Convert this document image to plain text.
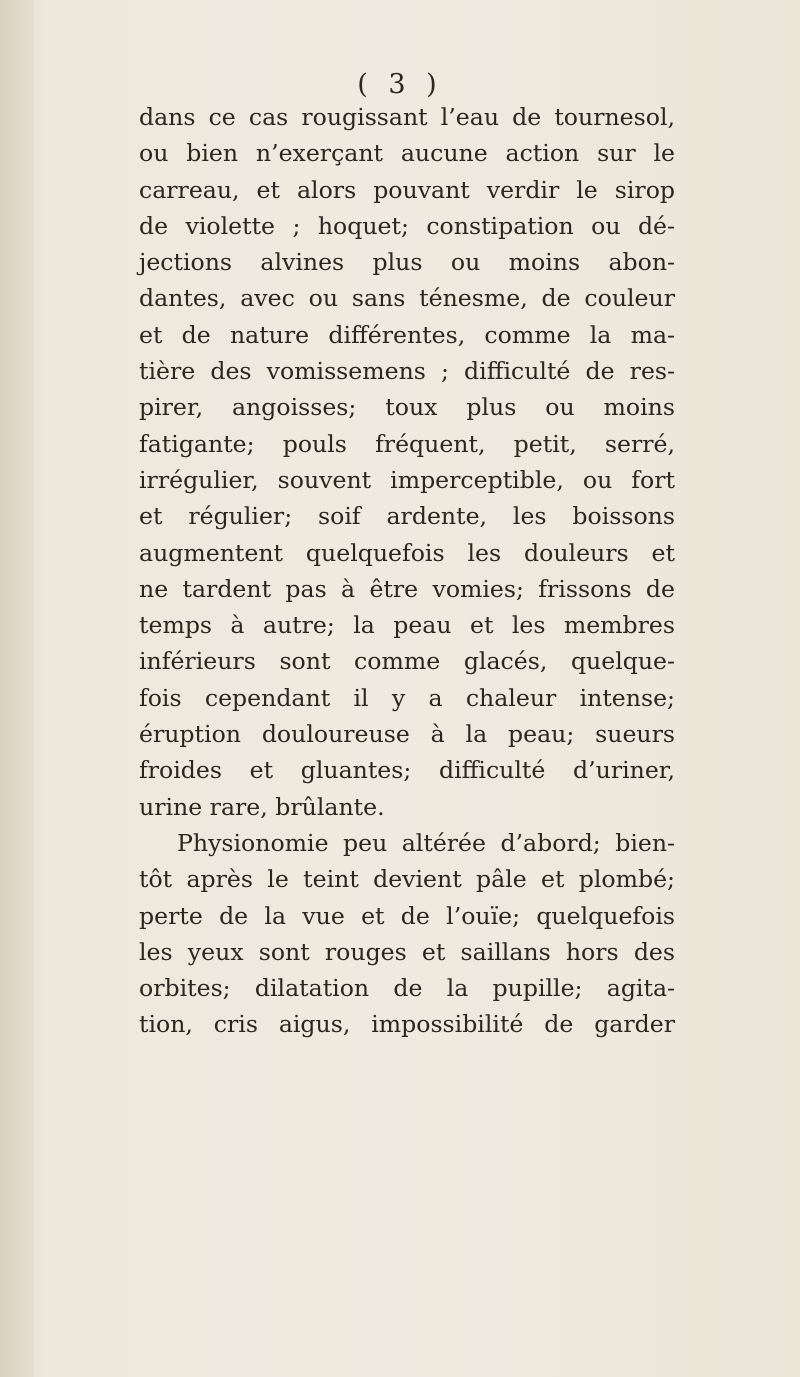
( 3 )
dans ce cas rougissant l’eau de tournesol,
ou bien n’exerçant aucune action sur le
carreau, et alors pouvant verdir le sirop
de violette ; hoquet; constipation ou dé-
jections alvines plus ou moins abon-
dantes, avec ou sans ténesme, de couleur
et de nature différentes, comme la ma-
tière des vomissemens ; difficulté de res-
pirer, angoisses; toux plus ou moins
fatigante; pouls fréquent, petit, serré,
irrégulier, souvent imperceptible, ou fort
et régulier; soif ardente, les boissons
augmentent quelquefois les douleurs et
ne tardent pas à être vomies; frissons de
temps à autre; la peau et les membres
inférieurs sont comme glacés, quelque-
fois cependant il y a chaleur intense;
éruption douloureuse à la peau; sueurs
froides et gluantes; difficulté d’uriner,
urine rare, brûlante.
Physionomie peu altérée d’abord; bien-
tôt après le teint devient pâle et plombé;
perte de la vue et de l’ouïe; quelquefois
les yeux sont rouges et saillans hors des
orbites; dilatation de la pupille; agita-
tion, cris aigus, impossibilité de garder
